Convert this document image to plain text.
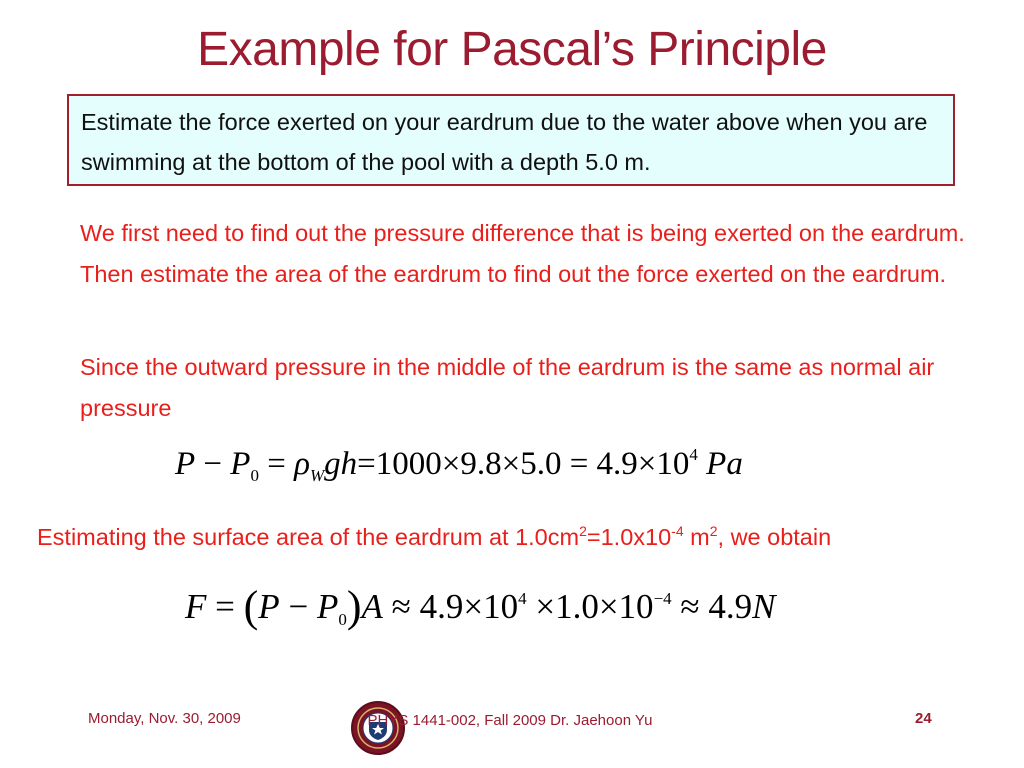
Example for Pascal’s Principle
Estimate the force exerted on your eardrum due to the water above when you are swimming at the bottom of the pool with a depth 5.0 m.

We first need to find out the pressure difference that is being exerted on the eardrum. Then estimate the area of the eardrum to find out the force exerted on the eardrum.

Since the outward pressure in the middle of the eardrum is the same as normal air pressure

$P - P_0 = \rho_Wgh=1000\times 9.8\times 5.0 = 4.9\times 10^4$ Pa

Estimating the surface area of the eardrum at $1.0cm^2=1.0x10^{-4}$ $m^2$, we obtain

$F = (P - P_0)A \approx 4.9\times 10^4 \times 1.0\times 10^{-4} \approx 4.9N$
Monday, Nov. 30, 2009	PHYS 1441-002, Fall 2009 Dr. Jaehoon Yu	24
